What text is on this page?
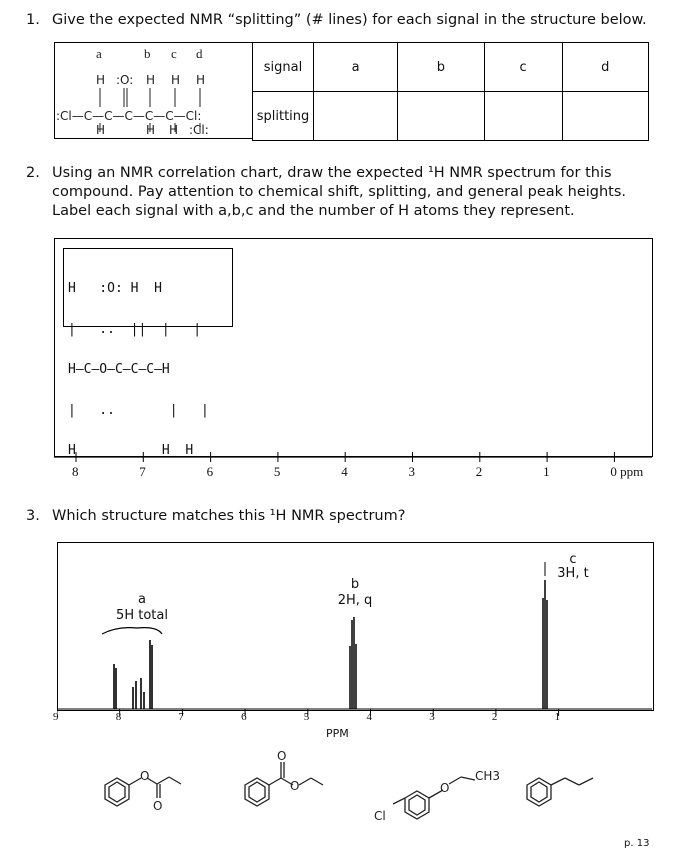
1. Give the expected NMR “splitting” (# lines) for each signal in the structure below.
a	b c d
H :O: H H H
:Cl—C—C—C—C—C—Cl:
H	H H :Cl:
signal	a	b	c	d
splitting				
2. Using an NMR correlation chart, draw the expected ¹H NMR spectrum for this
compound. Pay attention to chemical shift, splitting, and general peak heights.
Label each signal with a,b,c and the number of H atoms they represent.

H   :O: H  H

|   ..  ||  |   |

H–C–O–C–C–C–H

|   ..       |   |

H           H  H

8	7	6	5	4	3	2	1	0 ppm
3. Which structure matches this ¹H NMR spectrum?
a
5H total
b
2H, q
c
3H, t
9	8	7	6	5	4	3	2	1
PPM
O
O
O
O	O
Cl
CH3
p. 13
